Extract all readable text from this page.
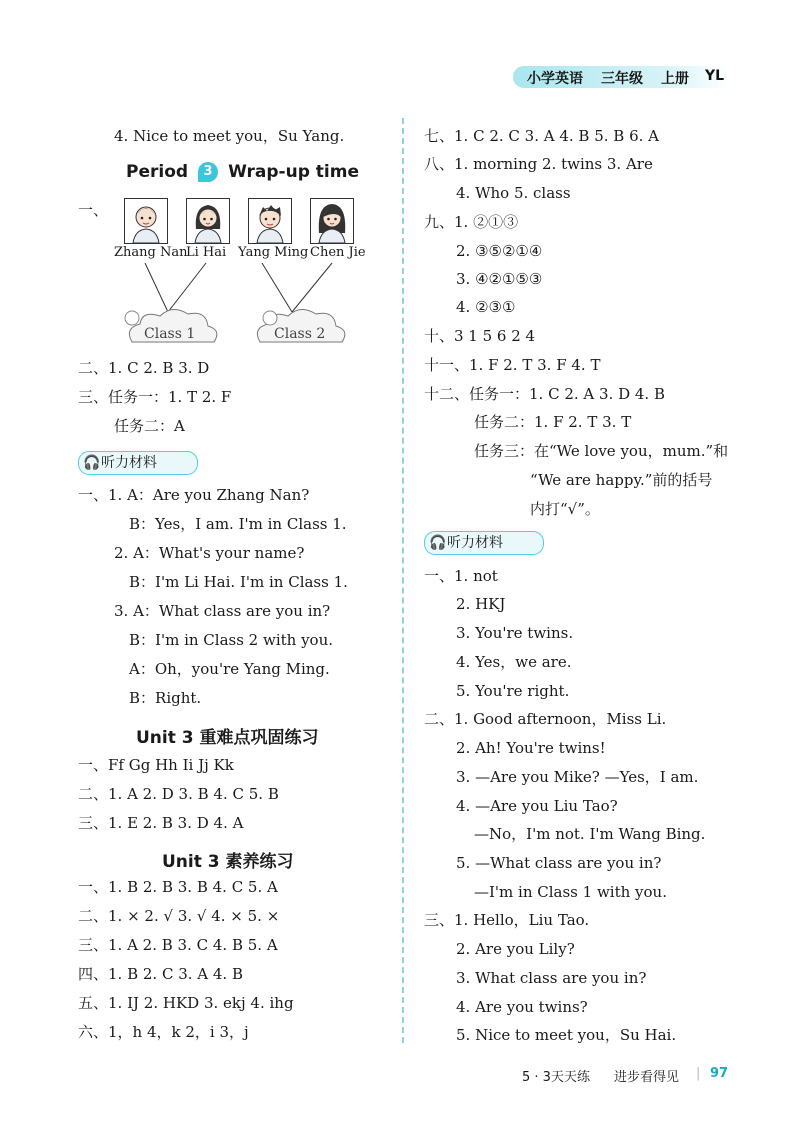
小学英语 三年级 上册 YL
4. Nice to meet you，Su Yang.
Period 3 Wrap-up time
一、
Zhang Nan
Li Hai Yang Ming Chen Jie
Class 1	Class 2
二、1. C 2. B 3. D
三、任务一：1. T 2. F
任务二：A
🎧听力材料
一、1. A：Are you Zhang Nan?
B：Yes，I am. I'm in Class 1.
2. A：What's your name?
B：I'm Li Hai. I'm in Class 1.
3. A：What class are you in?
B：I'm in Class 2 with you.
A：Oh，you're Yang Ming.
B：Right.
Unit 3 重难点巩固练习
一、Ff Gg Hh Ii Jj Kk
二、1. A 2. D 3. B 4. C 5. B
三、1. E 2. B 3. D 4. A
Unit 3 素养练习
一、1. B 2. B 3. B 4. C 5. A
二、1. × 2. √ 3. √ 4. × 5. ×
三、1. A 2. B 3. C 4. B 5. A
四、1. B 2. C 3. A 4. B
五、1. IJ 2. HKD 3. ekj 4. ihg
六、1，h 4，k 2，i 3，j
七、1. C 2. C 3. A 4. B 5. B 6. A
八、1. morning 2. twins 3. Are
4. Who 5. class
九、1. ②①③
2. ③⑤②①④
3. ④②①⑤③
4. ②③①
十、3 1 5 6 2 4
十一、1. F 2. T 3. F 4. T
十二、任务一：1. C 2. A 3. D 4. B
任务二：1. F 2. T 3. T
任务三：在“We love you，mum.”和
“We are happy.”前的括号
内打“√”。
🎧听力材料
一、1. not
2. HKJ
3. You're twins.
4. Yes，we are.
5. You're right.
二、1. Good afternoon，Miss Li.
2. Ah! You're twins!
3. —Are you Mike? —Yes，I am.
4. —Are you Liu Tao?
—No，I'm not. I'm Wang Bing.
5. —What class are you in?
—I'm in Class 1 with you.
三、1. Hello，Liu Tao.
2. Are you Lily?
3. What class are you in?
4. Are you twins?
5. Nice to meet you，Su Hai.
5 · 3天天练 进步看得见 | 97
